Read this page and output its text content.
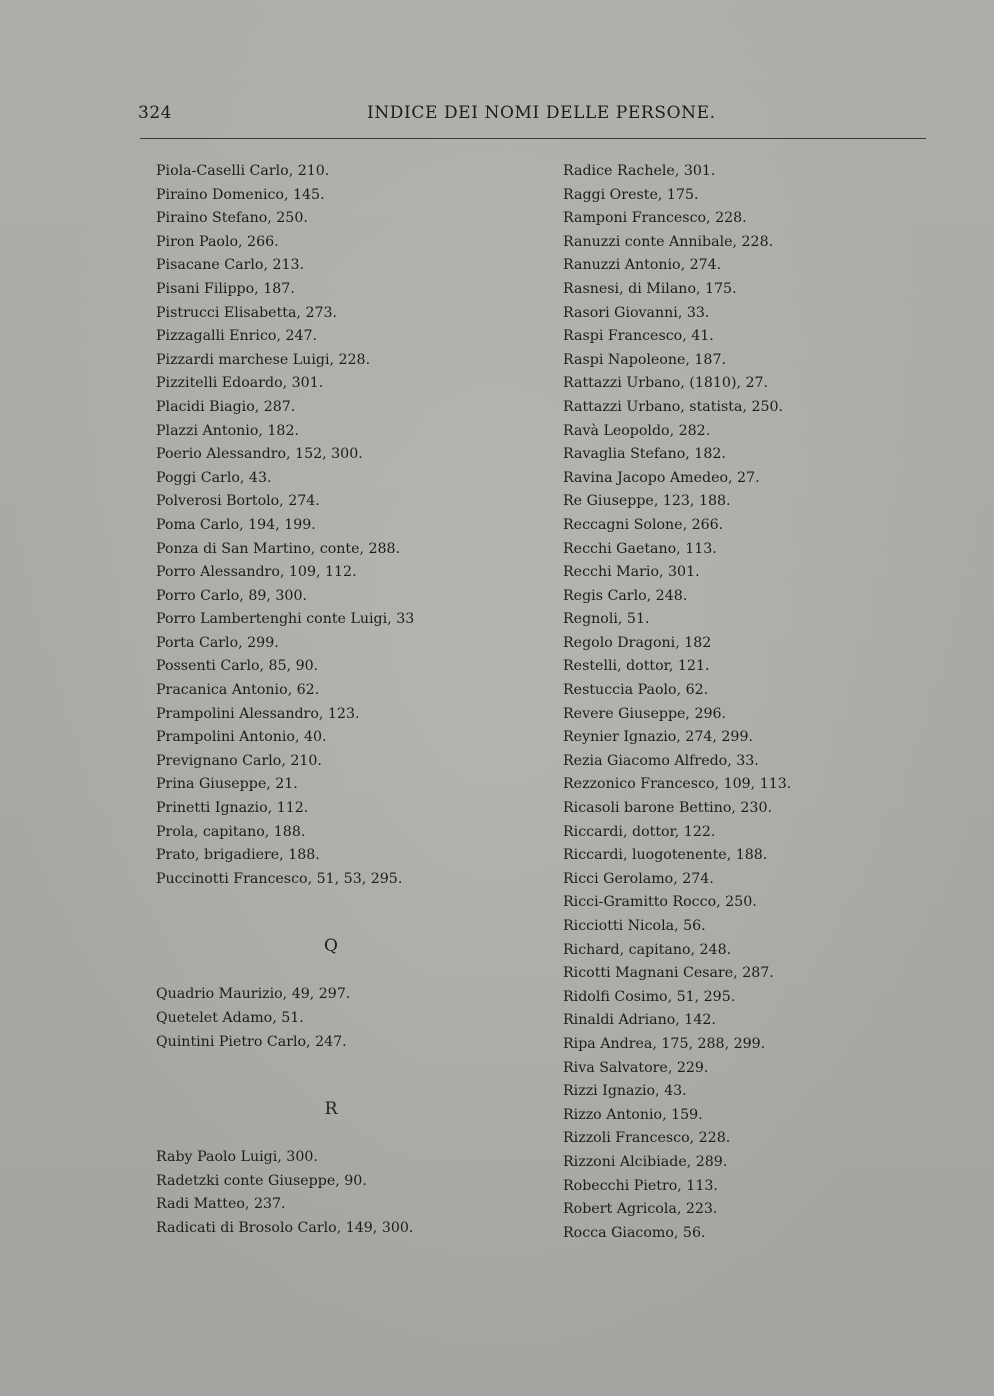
324	INDICE DEI NOMI DELLE PERSONE.
Piola-Caselli Carlo, 210.
Piraino Domenico, 145.
Piraino Stefano, 250.
Piron Paolo, 266.
Pisacane Carlo, 213.
Pisani Filippo, 187.
Pistrucci Elisabetta, 273.
Pizzagalli Enrico, 247.
Pizzardi marchese Luigi, 228.
Pizzitelli Edoardo, 301.
Placidi Biagio, 287.
Plazzi Antonio, 182.
Poerio Alessandro, 152, 300.
Poggi Carlo, 43.
Polverosi Bortolo, 274.
Poma Carlo, 194, 199.
Ponza di San Martino, conte, 288.
Porro Alessandro, 109, 112.
Porro Carlo, 89, 300.
Porro Lambertenghi conte Luigi, 33
Porta Carlo, 299.
Possenti Carlo, 85, 90.
Pracanica Antonio, 62.
Prampolini Alessandro, 123.
Prampolini Antonio, 40.
Prevignano Carlo, 210.
Prina Giuseppe, 21.
Prinetti Ignazio, 112.
Prola, capitano, 188.
Prato, brigadiere, 188.
Puccinotti Francesco, 51, 53, 295.
Q
Quadrio Maurizio, 49, 297.
Quetelet Adamo, 51.
Quintini Pietro Carlo, 247.
R
Raby Paolo Luigi, 300.
Radetzki conte Giuseppe, 90.
Radi Matteo, 237.
Radicati di Brosolo Carlo, 149, 300.
Radice Rachele, 301.
Raggi Oreste, 175.
Ramponi Francesco, 228.
Ranuzzi conte Annibale, 228.
Ranuzzi Antonio, 274.
Rasnesi, di Milano, 175.
Rasori Giovanni, 33.
Raspi Francesco, 41.
Raspi Napoleone, 187.
Rattazzi Urbano, (1810), 27.
Rattazzi Urbano, statista, 250.
Ravà Leopoldo, 282.
Ravaglia Stefano, 182.
Ravina Jacopo Amedeo, 27.
Re Giuseppe, 123, 188.
Reccagni Solone, 266.
Recchi Gaetano, 113.
Recchi Mario, 301.
Regis Carlo, 248.
Regnoli, 51.
Regolo Dragoni, 182
Restelli, dottor, 121.
Restuccia Paolo, 62.
Revere Giuseppe, 296.
Reynier Ignazio, 274, 299.
Rezia Giacomo Alfredo, 33.
Rezzonico Francesco, 109, 113.
Ricasoli barone Bettino, 230.
Riccardi, dottor, 122.
Riccardi, luogotenente, 188.
Ricci Gerolamo, 274.
Ricci-Gramitto Rocco, 250.
Ricciotti Nicola, 56.
Richard, capitano, 248.
Ricotti Magnani Cesare, 287.
Ridolfi Cosimo, 51, 295.
Rinaldi Adriano, 142.
Ripa Andrea, 175, 288, 299.
Riva Salvatore, 229.
Rizzi Ignazio, 43.
Rizzo Antonio, 159.
Rizzoli Francesco, 228.
Rizzoni Alcibiade, 289.
Robecchi Pietro, 113.
Robert Agricola, 223.
Rocca Giacomo, 56.
